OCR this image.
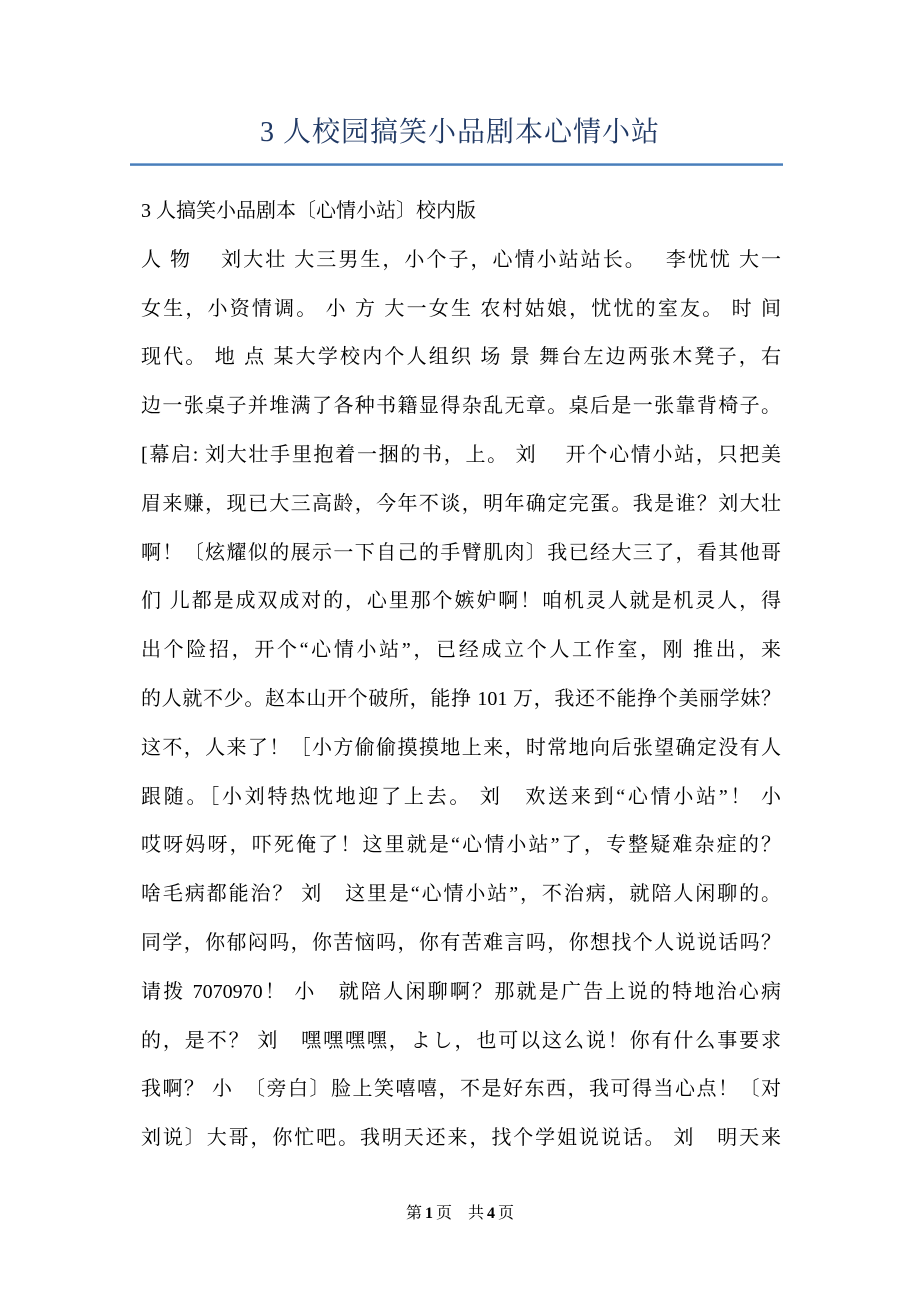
3 人校园搞笑小品剧本心情小站
3 人搞笑小品剧本〔心情小站〕校内版
人 物　 刘大壮 大三男生，小个子，心情小站站长。　 李忧忧 大一
女生，小资情调。 小 方 大一女生 农村姑娘，忧忧的室友。 时 间
现代。 地 点 某大学校内个人组织 场 景 舞台左边两张木凳子，右
边一张桌子并堆满了各种书籍显得杂乱无章。桌后是一张靠背椅子。
[幕启: 刘大壮手里抱着一捆的书，上。 刘　 开个心情小站，只把美
眉来赚，现已大三高龄，今年不谈，明年确定完蛋。我是谁？刘大壮
啊！〔炫耀似的展示一下自己的手臂肌肉〕我已经大三了，看其他哥
们 儿都是成双成对的，心里那个嫉妒啊！咱机灵人就是机灵人，得
出个险招，开个“心情小站”，已经成立个人工作室，刚 推出，来
的人就不少。赵本山开个破所，能挣 101 万，我还不能挣个美丽学妹？
这不，人来了！［小方偷偷摸摸地上来，时常地向后张望确定没有人
跟随。［小刘特热忱地迎了上去。 刘　欢送来到“心情小站”！ 小
哎呀妈呀，吓死俺了！这里就是“心情小站”了，专整疑难杂症的？
啥毛病都能治？ 刘　这里是“心情小站”，不治病，就陪人闲聊的。
同学，你郁闷吗，你苦恼吗，你有苦难言吗，你想找个人说说话吗？
请拨 7070970！ 小　就陪人闲聊啊？那就是广告上说的特地治心病
的，是不？ 刘　嘿嘿嘿嘿，よし，也可以这么说！你有什么事要求
我啊？ 小　〔旁白〕脸上笑嘻嘻，不是好东西，我可得当心点！〔对
刘说〕大哥，你忙吧。我明天还来，找个学姐说说话。 刘　明天来
第 1 页 共 4 页
